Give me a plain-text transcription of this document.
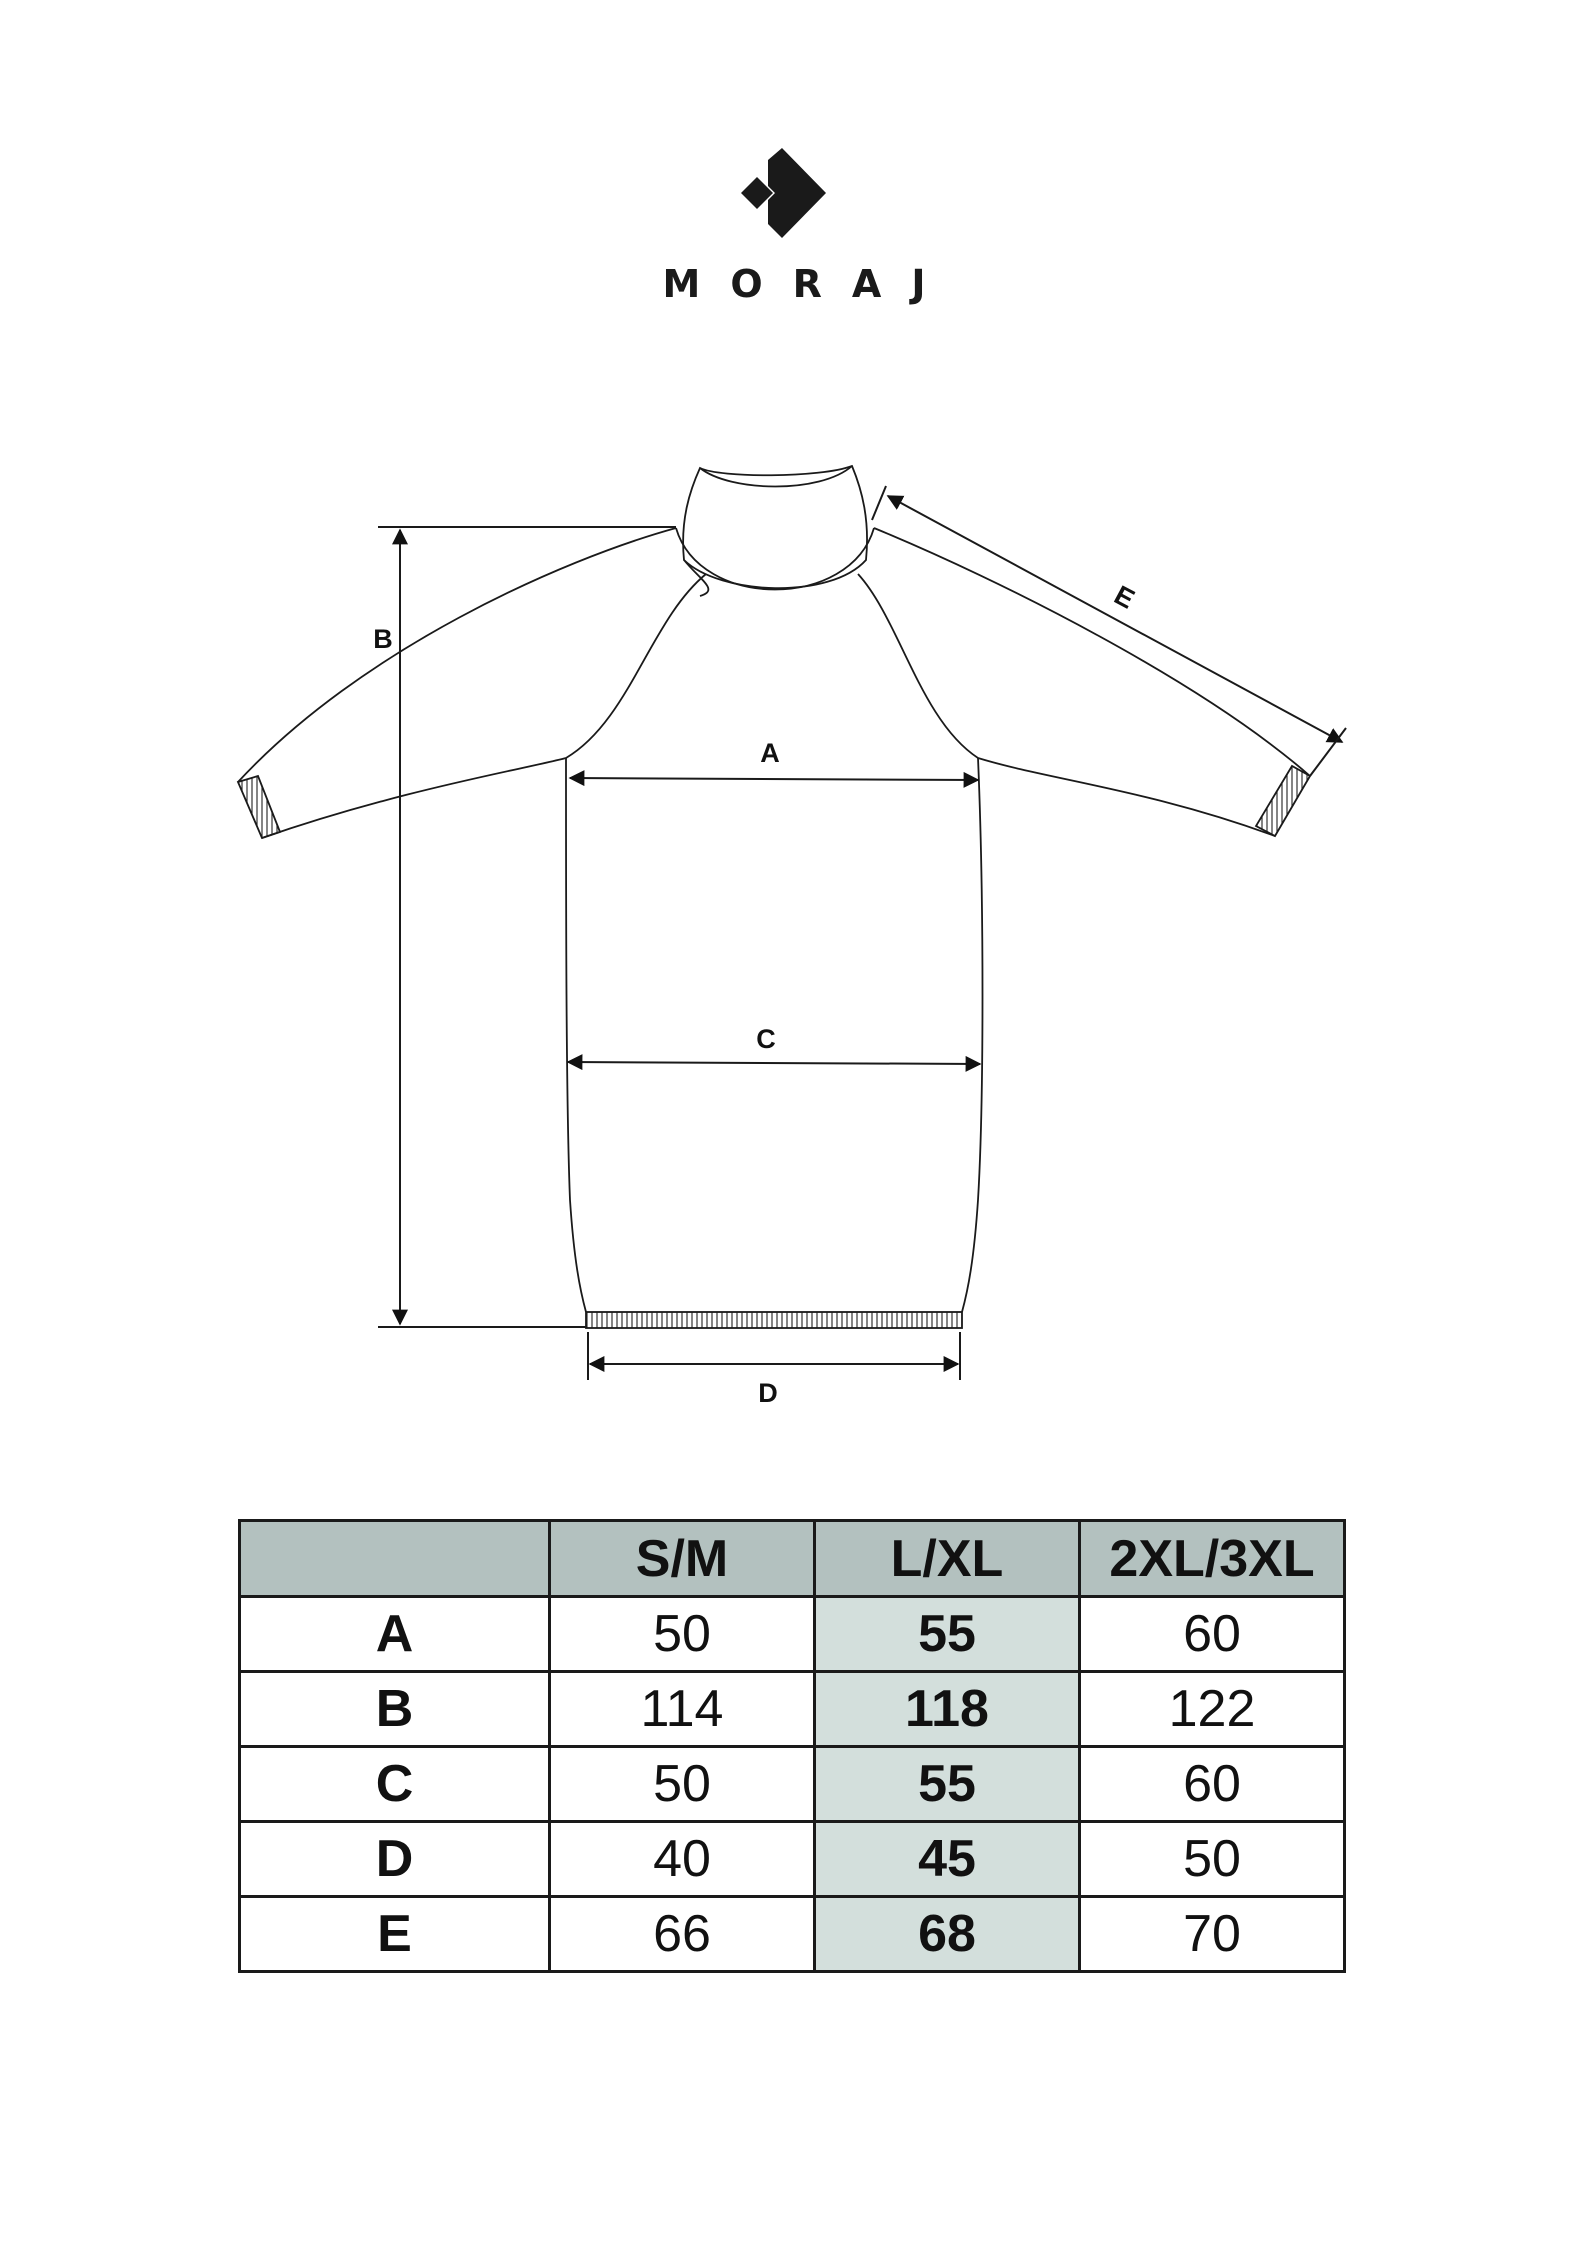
MORAJ
A
B
C
D
E
	S/M	L/XL	2XL/3XL
A	50	55	60
B	114	118	122
C	50	55	60
D	40	45	50
E	66	68	70
